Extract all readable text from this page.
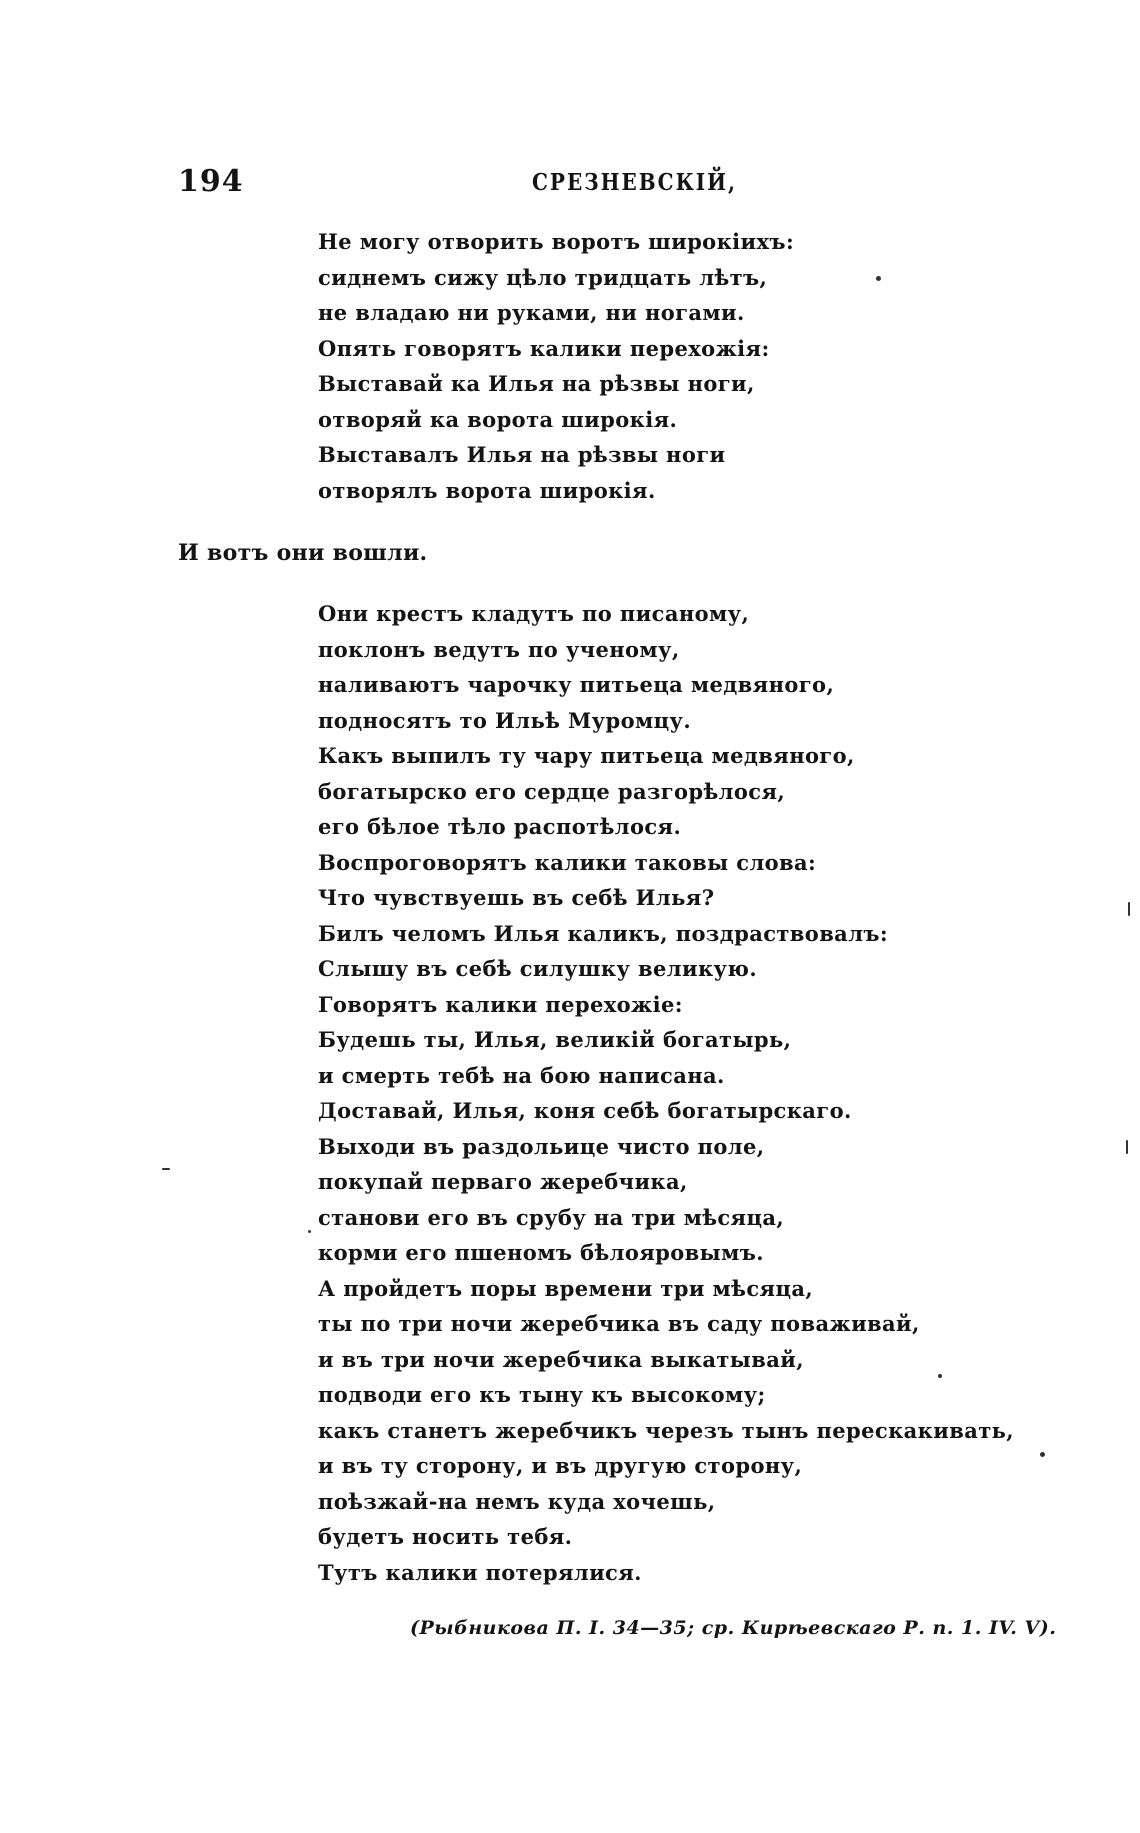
194	СРЕЗНЕВСКІЙ,
Не могу отворить воротъ широкіихъ:
сиднемъ сижу цѣло тридцать лѣтъ,
не владаю ни руками, ни ногами.
Опять говорятъ калики перехожія:
Выставай ка Илья на рѣзвы ноги,
отворяй ка ворота широкія.
Выставалъ Илья на рѣзвы ноги
отворялъ ворота широкія.
И вотъ они вошли.
Они крестъ кладутъ по писаному,
поклонъ ведутъ по ученому,
наливаютъ чарочку питьеца медвяного,
подносятъ то Ильѣ Муромцу.
Какъ выпилъ ту чару питьеца медвяного,
богатырско его сердце разгорѣлося,
его бѣлое тѣло распотѣлося.
Воспроговорятъ калики таковы слова:
Что чувствуешь въ себѣ Илья?
Билъ челомъ Илья каликъ, поздраствовалъ:
Слышу въ себѣ силушку великую.
Говорятъ калики перехожіе:
Будешь ты, Илья, великій богатырь,
и смерть тебѣ на бою написана.
Доставай, Илья, коня себѣ богатырскаго.
Выходи въ раздольице чисто поле,
покупай перваго жеребчика,
станови его въ срубу на три мѣсяца,
корми его пшеномъ бѣлояровымъ.
А пройдетъ поры времени три мѣсяца,
ты по три ночи жеребчика въ саду поваживай,
и въ три ночи жеребчика выкатывай,
подводи его къ тыну къ высокому;
какъ станетъ жеребчикъ черезъ тынъ перескакивать,
и въ ту сторону, и въ другую сторону,
поѣзжай-на немъ куда хочешь,
будетъ носить тебя.
Тутъ калики потерялися.
(Рыбникова П. I. 34—35; ср. Кирѣевскаго Р. п. 1. IV. V).
